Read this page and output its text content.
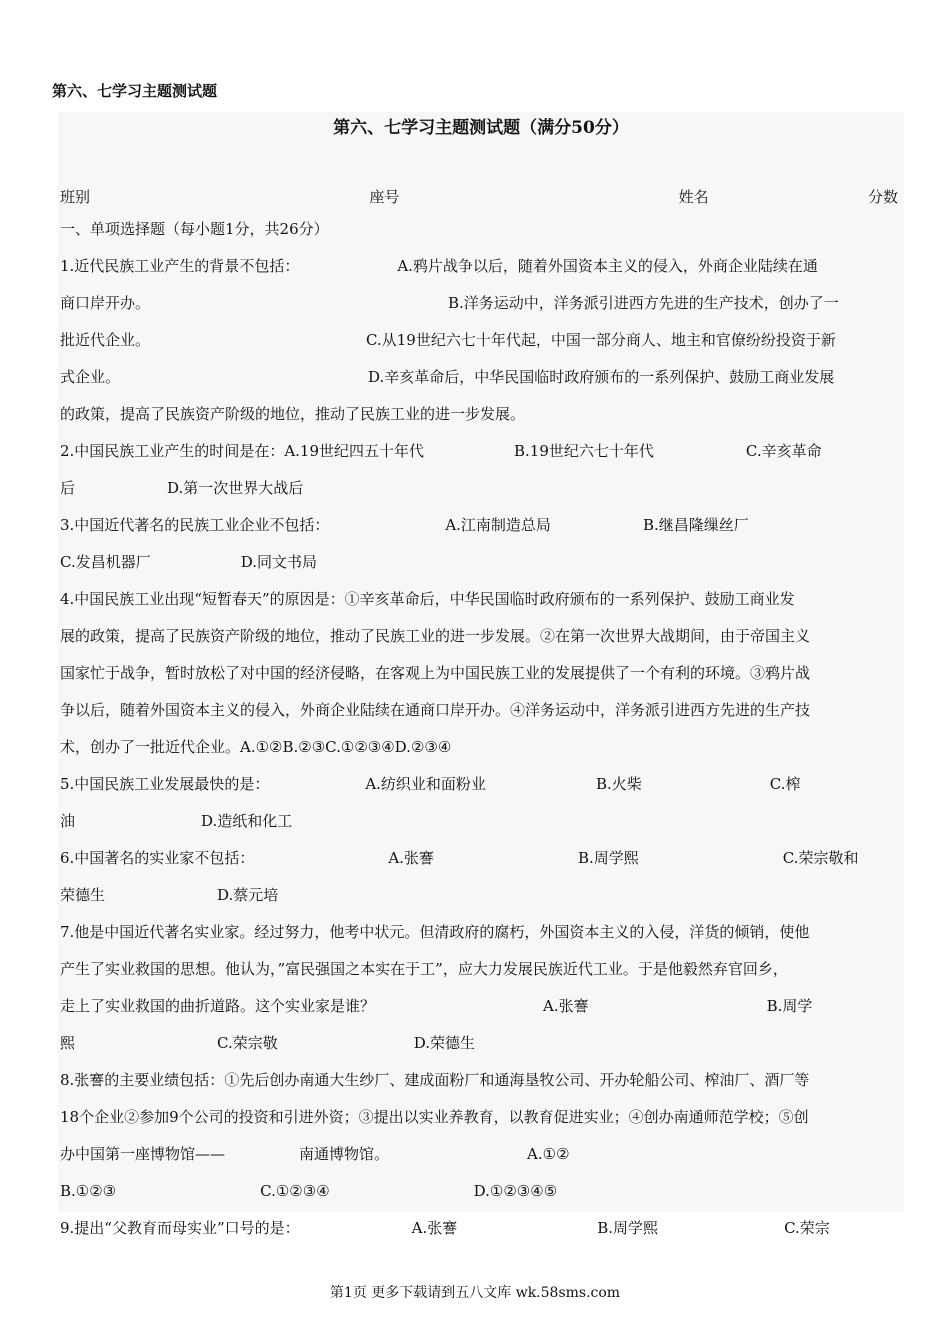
第六、七学习主题测试题
第六、七学习主题测试题（满分50分）
班别	座号	姓名	分数
一、单项选择题（每小题1分，共26分）
1.近代民族工业产生的背景不包括：	A.鸦片战争以后，随着外国资本主义的侵入，外商企业陆续在通
商口岸开办。	B.洋务运动中，洋务派引进西方先进的生产技术，创办了一
批近代企业。	C.从19世纪六七十年代起，中国一部分商人、地主和官僚纷纷投资于新
式企业。	D.辛亥革命后，中华民国临时政府颁布的一系列保护、鼓励工商业发展
的政策，提高了民族资产阶级的地位，推动了民族工业的进一步发展。
2.中国民族工业产生的时间是在：A.19世纪四五十年代	B.19世纪六七十年代	C.辛亥革命
后	D.第一次世界大战后
3.中国近代著名的民族工业企业不包括：	A.江南制造总局	B.继昌隆缫丝厂
C.发昌机器厂	D.同文书局
4.中国民族工业出现“短暂春天”的原因是：①辛亥革命后，中华民国临时政府颁布的一系列保护、鼓励工商业发
展的政策，提高了民族资产阶级的地位，推动了民族工业的进一步发展。②在第一次世界大战期间，由于帝国主义
国家忙于战争，暂时放松了对中国的经济侵略，在客观上为中国民族工业的发展提供了一个有利的环境。③鸦片战
争以后，随着外国资本主义的侵入，外商企业陆续在通商口岸开办。④洋务运动中，洋务派引进西方先进的生产技
术，创办了一批近代企业。A.①②B.②③C.①②③④D.②③④
5.中国民族工业发展最快的是：	A.纺织业和面粉业	B.火柴	C.榨
油	D.造纸和化工
6.中国著名的实业家不包括：	A.张謇	B.周学熙	C.荣宗敬和
荣德生	D.蔡元培
7.他是中国近代著名实业家。经过努力，他考中状元。但清政府的腐朽，外国资本主义的入侵，洋货的倾销，使他
产生了实业救国的思想。他认为，”富民强国之本实在于工”，应大力发展民族近代工业。于是他毅然弃官回乡，
走上了实业救国的曲折道路。这个实业家是谁？	A.张謇	B.周学
熙	C.荣宗敬	D.荣德生
8.张謇的主要业绩包括：①先后创办南通大生纱厂、建成面粉厂和通海垦牧公司、开办轮船公司、榨油厂、酒厂等
18个企业②参加9个公司的投资和引进外资；③提出以实业养教育，以教育促进实业；④创办南通师范学校；⑤创
办中国第一座博物馆——	南通博物馆。	A.①②
B.①②③	C.①②③④	D.①②③④⑤
9.提出“父教育而母实业”口号的是：	A.张謇	B.周学熙	C.荣宗
第1页 更多下载请到五八文库 wk.58sms.com
